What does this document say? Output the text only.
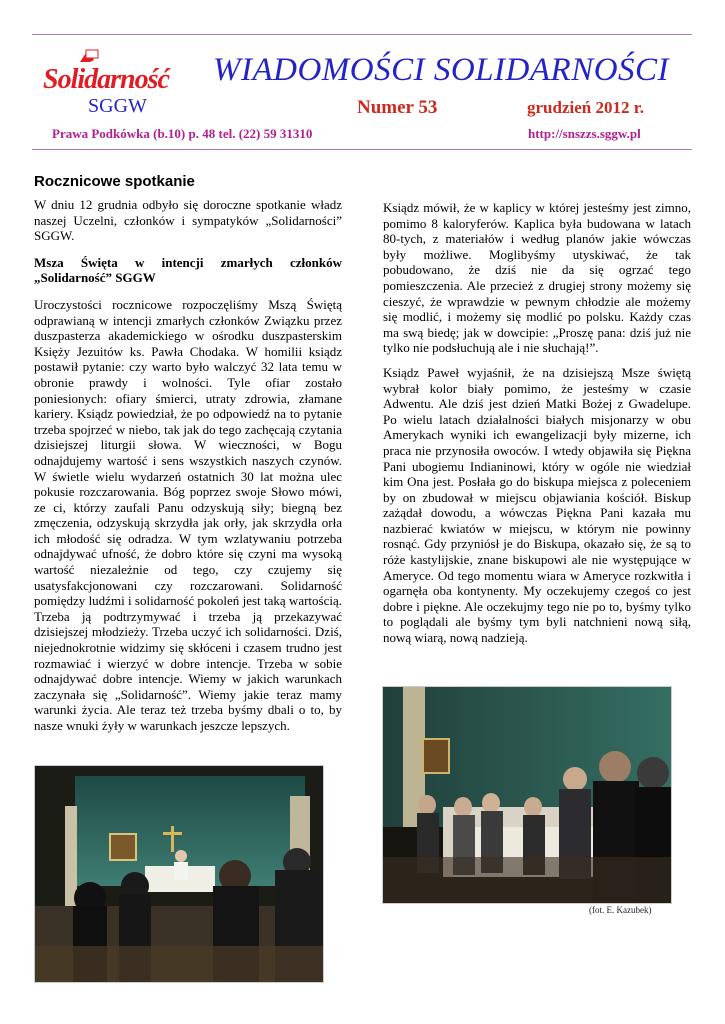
Solidarność WIADOMOŚCI SOLIDARNOŚCI
SGGW	Numer 53	grudzień 2012 r.
Prawa Podkówka (b.10) p. 48 tel. (22) 59 31310	http://snszzs.sggw.pl
Rocznicowe spotkanie

W dniu 12 grudnia odbyło się doroczne spotkanie władz naszej Uczelni, członków i sympatyków „Solidarności” SGGW.

Msza Święta w intencji zmarłych członków „Solidarność” SGGW

Uroczystości rocznicowe rozpoczęliśmy Mszą Świętą odprawianą w intencji zmarłych członków Związku przez duszpasterza akademickiego w ośrodku duszpasterskim Księży Jezuitów ks. Pawła Chodaka. W homilii ksiądz postawił pytanie: czy warto było walczyć 32 lata temu w obronie prawdy i wolności. Tyle ofiar zostało poniesionych: ofiary śmierci, utraty zdrowia, złamane kariery. Ksiądz powiedział, że po odpowiedź na to pytanie trzeba spojrzeć w niebo, tak jak do tego zachęcają czytania dzisiejszej liturgii słowa. W wieczności, w Bogu odnajdujemy wartość i sens wszystkich naszych czynów. W świetle wielu wydarzeń ostatnich 30 lat można ulec pokusie rozczarowania. Bóg poprzez swoje Słowo mówi, ze ci, którzy zaufali Panu odzyskują siły; biegną bez zmęczenia, odzyskują skrzydła jak orły, jak skrzydła orła ich młodość się odradza. W tym wzlatywaniu potrzeba odnajdywać ufność, że dobro które się czyni ma wysoką wartość niezależnie od tego, czy czujemy się usatysfakcjonowani czy rozczarowani. Solidarność pomiędzy ludźmi i solidarność pokoleń jest taką wartością. Trzeba ją podtrzymywać i trzeba ją przekazywać dzisiejszej młodzieży. Trzeba uczyć ich solidarności. Dziś, niejednokrotnie widzimy się skłóceni i czasem trudno jest rozmawiać i wierzyć w dobre intencje. Trzeba w sobie odnajdywać dobre intencje. Wiemy w jakich warunkach zaczynała się „Solidarność”. Wiemy jakie teraz mamy warunki życia. Ale teraz też trzeba byśmy dbali o to, by nasze wnuki żyły w warunkach jeszcze lepszych.

Ksiądz mówił, że w kaplicy w której jesteśmy jest zimno, pomimo 8 kaloryferów. Kaplica była budowana w latach 80-tych, z materiałów i według planów jakie wówczas były możliwe. Moglibyśmy utyskiwać, że tak pobudowano, że dziś nie da się ogrzać tego pomieszczenia. Ale przecież z drugiej strony możemy się cieszyć, że wprawdzie w pewnym chłodzie ale możemy się modlić, i możemy się modlić po polsku. Każdy czas ma swą biedę; jak w dowcipie: „Proszę pana: dziś już nie tylko nie podsłuchują ale i nie słuchają!”.

Ksiądz Paweł wyjaśnił, że na dzisiejszą Msze świętą wybrał kolor biały pomimo, że jesteśmy w czasie Adwentu. Ale dziś jest dzień Matki Bożej z Gwadelupe. Po wielu latach działalności białych misjonarzy w obu Amerykach wyniki ich ewangelizacji były mizerne, ich praca nie przynosiła owoców. I wtedy objawiła się Piękna Pani ubogiemu Indianinowi, który w ogóle nie wiedział kim Ona jest. Posłała go do biskupa miejsca z poleceniem by on zbudował w miejscu objawiania kościół. Biskup zażądał dowodu, a wówczas Piękna Pani kazała mu nazbierać kwiatów w miejscu, w którym nie powinny rosnąć. Gdy przyniósł je do Biskupa, okazało się, że są to róże kastylijskie, znane biskupowi ale nie występujące w Ameryce. Od tego momentu wiara w Ameryce rozkwitła i ogarnęła oba kontynenty. My oczekujemy czegoś co jest dobre i piękne. Ale oczekujmy tego nie po to, byśmy tylko to poglądali ale byśmy tym byli natchnieni nową siłą, nową wiarą, nową nadzieją.

(fot. E. Kazubek)
